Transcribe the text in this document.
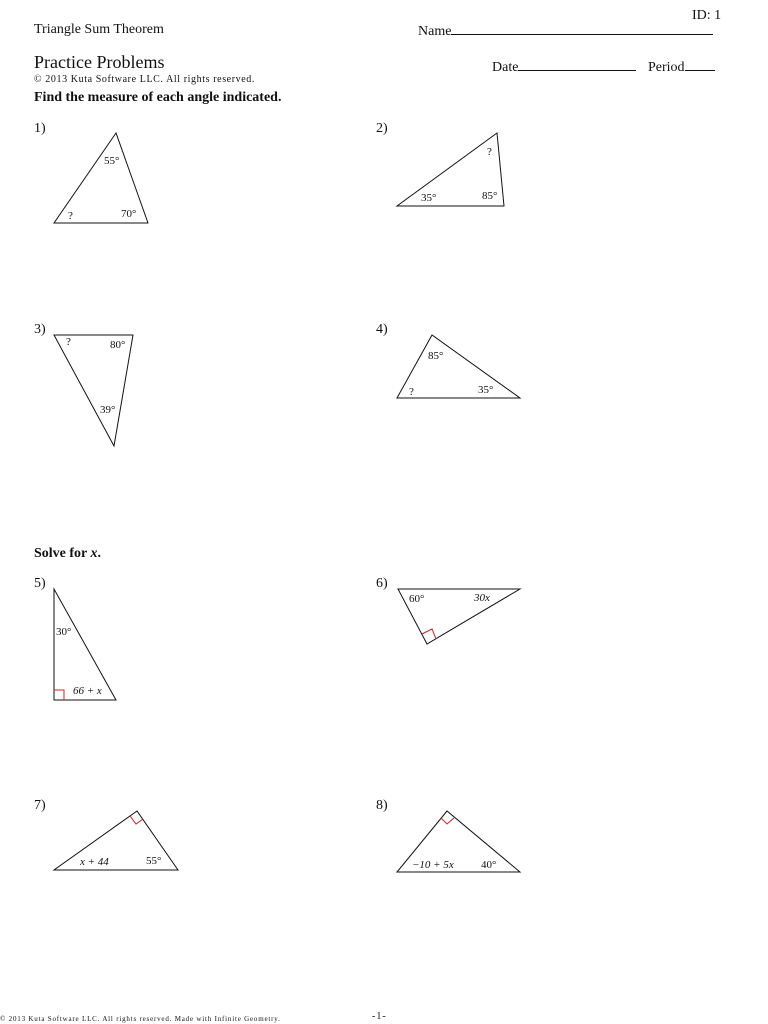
ID: 1
Triangle Sum Theorem	Name
Practice Problems	Date	Period
© 2013 Kuta Software LLC. All rights reserved.
Find the measure of each angle indicated.
1)	2)
3)	4)
55°
?	70°
?
35°	85°
?	80°
39°
85°
?	35°
Solve for x.
5)	6)
7)	8)
30°
66 + x
60°	30x
x + 44	55°	−10 + 5x 40°
© 2013 Kuta Software LLC. All rights reserved. Made with Infinite Geometry.	-1-
